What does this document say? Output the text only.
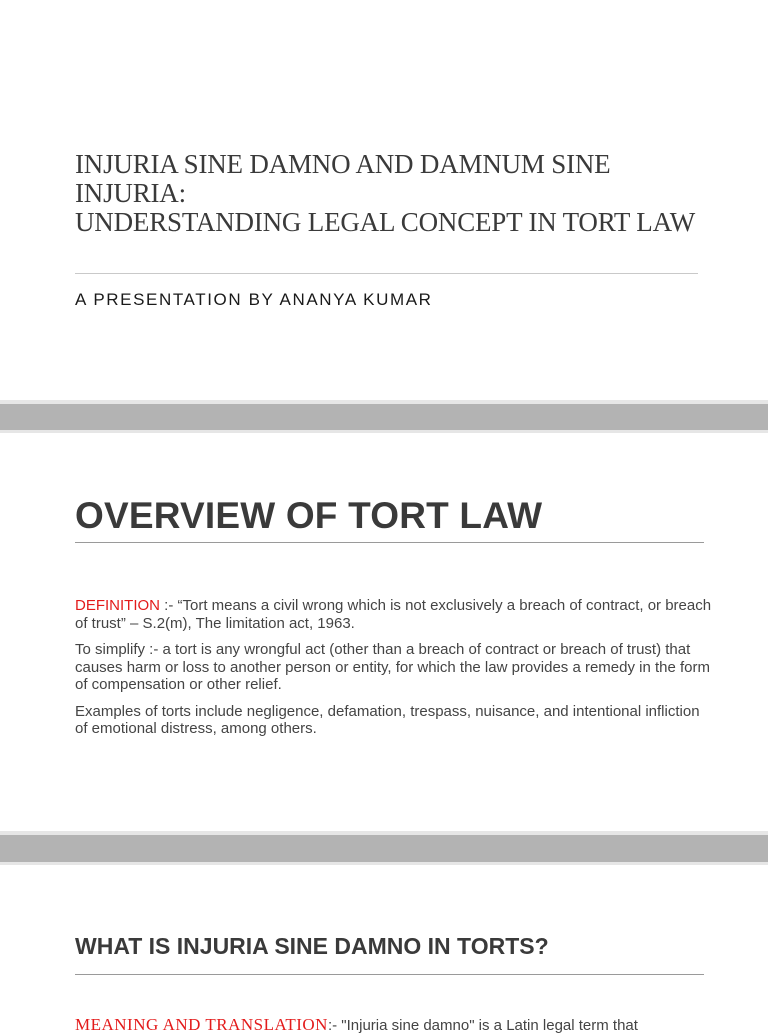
INJURIA SINE DAMNO AND DAMNUM SINE
INJURIA:
UNDERSTANDING LEGAL CONCEPT IN TORT LAW
A PRESENTATION BY ANANYA KUMAR
OVERVIEW OF TORT LAW

DEFINITION :- “Tort means a civil wrong which is not exclusively a breach of contract, or breach of trust” – S.2(m), The limitation act, 1963.

To simplify :- a tort is any wrongful act (other than a breach of contract or breach of trust) that causes harm or loss to another person or entity, for which the law provides a remedy in the form of compensation or other relief.

Examples of torts include negligence, defamation, trespass, nuisance, and intentional infliction of emotional distress, among others.

WHAT IS INJURIA SINE DAMNO IN TORTS?
MEANING AND TRANSLATION:- "Injuria sine damno" is a Latin legal term that
